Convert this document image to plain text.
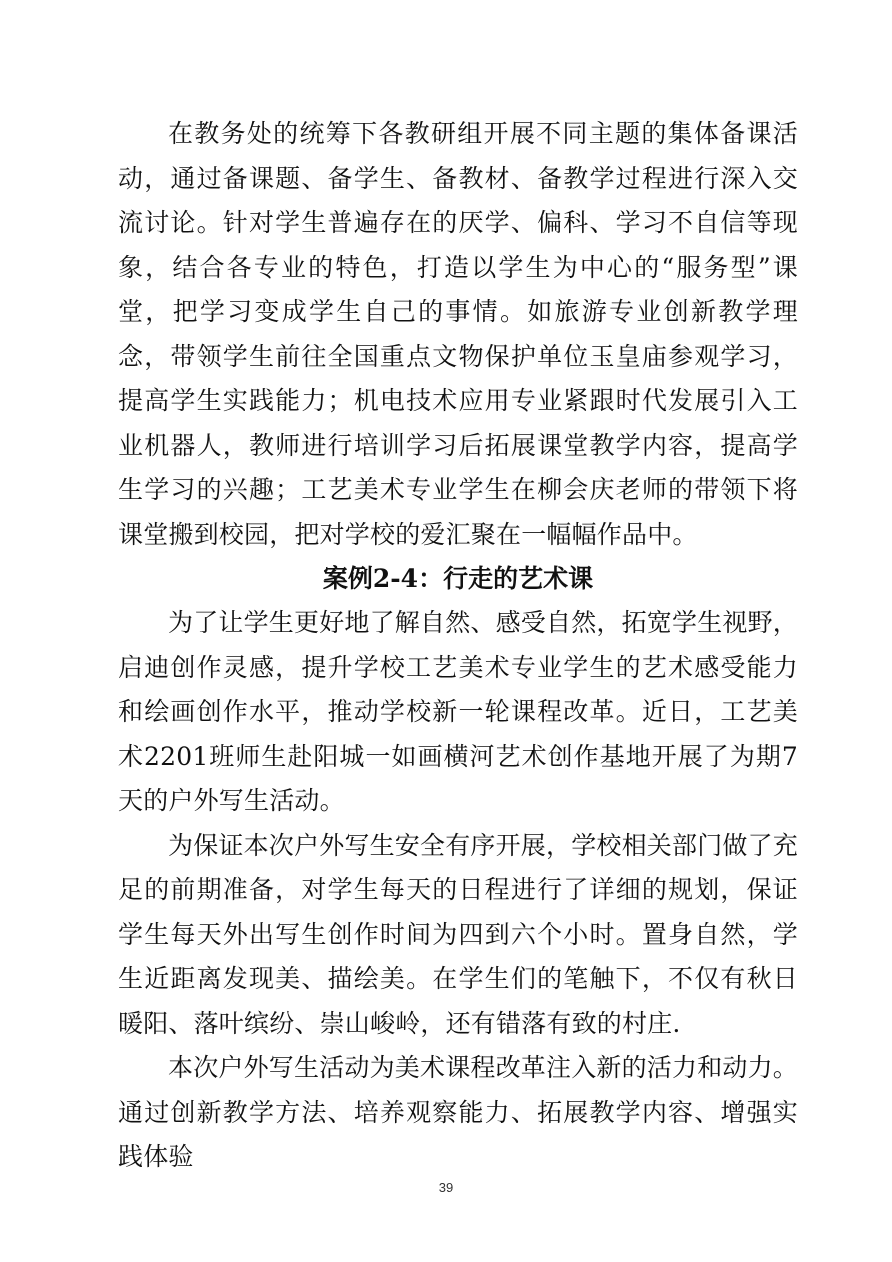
在教务处的统筹下各教研组开展不同主题的集体备课活动，通过备课题、备学生、备教材、备教学过程进行深入交流讨论。针对学生普遍存在的厌学、偏科、学习不自信等现象，结合各专业的特色，打造以学生为中心的“服务型”课堂，把学习变成学生自己的事情。如旅游专业创新教学理念，带领学生前往全国重点文物保护单位玉皇庙参观学习，提高学生实践能力；机电技术应用专业紧跟时代发展引入工业机器人，教师进行培训学习后拓展课堂教学内容，提高学生学习的兴趣；工艺美术专业学生在柳会庆老师的带领下将课堂搬到校园，把对学校的爱汇聚在一幅幅作品中。

案例2-4：行走的艺术课

为了让学生更好地了解自然、感受自然，拓宽学生视野，启迪创作灵感，提升学校工艺美术专业学生的艺术感受能力和绘画创作水平，推动学校新一轮课程改革。近日，工艺美术2201班师生赴阳城一如画横河艺术创作基地开展了为期7天的户外写生活动。

为保证本次户外写生安全有序开展，学校相关部门做了充足的前期准备，对学生每天的日程进行了详细的规划，保证学生每天外出写生创作时间为四到六个小时。置身自然，学生近距离发现美、描绘美。在学生们的笔触下，不仅有秋日暖阳、落叶缤纷、崇山峻岭，还有错落有致的村庄.

本次户外写生活动为美术课程改革注入新的活力和动力。通过创新教学方法、培养观察能力、拓展教学内容、增强实践体验

39
